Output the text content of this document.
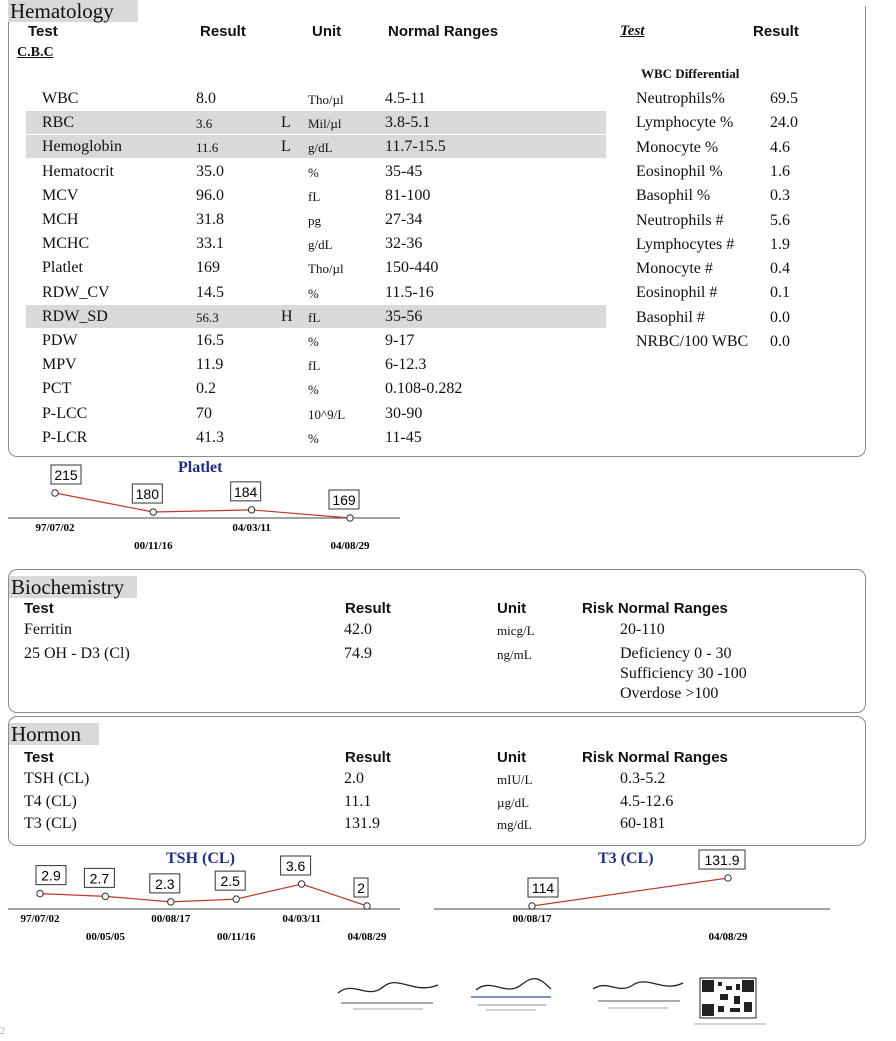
Hematology
Test	Result	Unit	Normal Ranges
C.B.C
WBC	8.0	Tho/µl	4.5-11
RBC	3.6	L Mil/µl	3.8-5.1
Hemoglobin	11.6	L g/dL	11.7-15.5
Hematocrit	35.0	%	35-45
MCV	96.0	fL	81-100
MCH	31.8	pg	27-34
MCHC	33.1	g/dL	32-36
Platlet	169	Tho/µl	150-440
RDW_CV	14.5	%	11.5-16
RDW_SD	56.3	H fL	35-56
PDW	16.5	%	9-17
MPV	11.9	fL	6-12.3
PCT	0.2	%	0.108-0.282
P-LCC	70	10^9/L 30-90
P-LCR	41.3	%	11-45
Test	Result
WBC Differential
Neutrophils%	69.5
Lymphocyte % 24.0
Monocyte %	4.6
Eosinophil %	1.6
Basophil %	0.3
Neutrophils #	5.6
Lymphocytes # 1.9
Monocyte #	0.4
Eosinophil #	0.1
Basophil #	0.0
NRBC/100 WBC 0.0
Platlet
215
180	184
169
97/07/02
00/11/16
04/03/11
04/08/29
Biochemistry
Test	Result	Unit	Risk Normal Ranges
Ferritin	42.0	micg/L	20-110
25 OH - D3 (Cl)	74.9	ng/mL	Deficiency 0 - 30
Sufficiency 30 -100
Overdose >100
Hormon
Test	Result	Unit	Risk Normal Ranges
TSH (CL)	2.0	mIU/L	0.3-5.2
T4 (CL)	11.1	µg/dL	4.5-12.6
T3 (CL)	131.9	mg/dL	60-181
TSH (CL)
2.9 2.7	2.3	2.5
3.6
2
97/07/02
00/05/05
00/08/17
00/11/16
04/03/11
04/08/29
T3 (CL)
114
131.9
00/08/17
04/08/29
2
